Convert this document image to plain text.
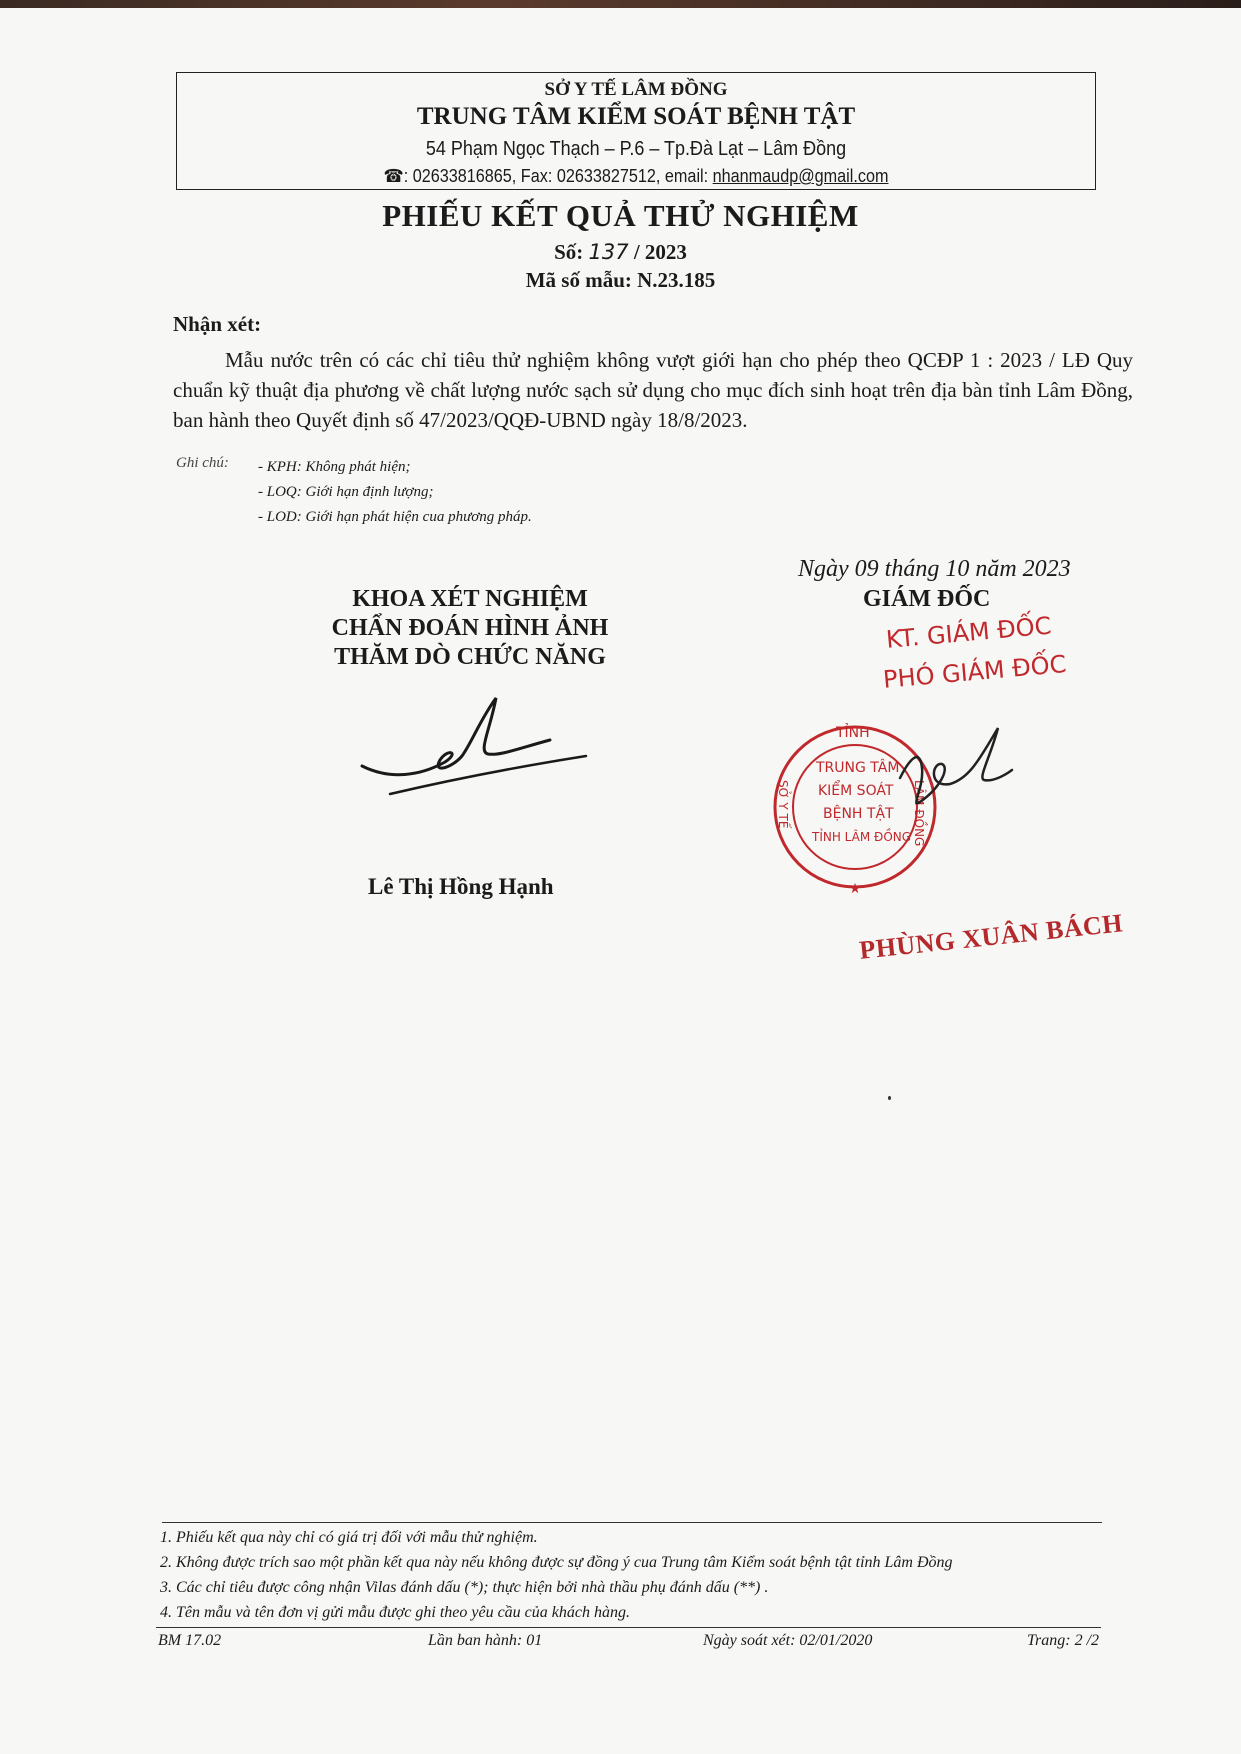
SỞ Y TẾ LÂM ĐỒNG
TRUNG TÂM KIỂM SOÁT BỆNH TẬT
54 Phạm Ngọc Thạch – P.6 – Tp.Đà Lạt – Lâm Đồng
☎: 02633816865, Fax: 02633827512, email: nhanmaudp@gmail.com
PHIẾU KẾT QUẢ THỬ NGHIỆM
Số: 137 / 2023
Mã số mẫu: N.23.185
Nhận xét:
Mẫu nước trên có các chỉ tiêu thử nghiệm không vượt giới hạn cho phép theo QCĐP 1 : 2023 / LĐ Quy chuẩn kỹ thuật địa phương về chất lượng nước sạch sử dụng cho mục đích sinh hoạt trên địa bàn tỉnh Lâm Đồng, ban hành theo Quyết định số 47/2023/QQĐ-UBND ngày 18/8/2023.
Ghi chú: - KPH: Không phát hiện;
- LOQ: Giới hạn định lượng;
- LOD: Giới hạn phát hiện cua phương pháp.
Ngày 09 tháng 10 năm 2023
GIÁM ĐỐC
KT. GIÁM ĐỐC
PHÓ GIÁM ĐỐC
KHOA XÉT NGHIỆM
CHẨN ĐOÁN HÌNH ẢNH
THĂM DÒ CHỨC NĂNG
★
TỈNH
SỞ Y TẾ	LÂM ĐỒNG
TRUNG TÂM
KIỂM SOÁT
BỆNH TẬT
TỈNH LÂM ĐỒNG
Lê Thị Hồng Hạnh
PHÙNG XUÂN BÁCH
1. Phiếu kết qua này chỉ có giá trị đối với mẫu thử nghiệm.
2. Không được trích sao một phần kết qua này nếu không được sự đồng ý cua Trung tâm Kiểm soát bệnh tật tỉnh Lâm Đồng
3. Các chỉ tiêu được công nhận Vilas đánh dấu (*); thực hiện bởi nhà thầu phụ đánh dấu (**) .
4. Tên mẫu và tên đơn vị gửi mẫu được ghi theo yêu cầu của khách hàng.
BM 17.02	Lần ban hành: 01	Ngày soát xét: 02/01/2020	Trang: 2 /2
